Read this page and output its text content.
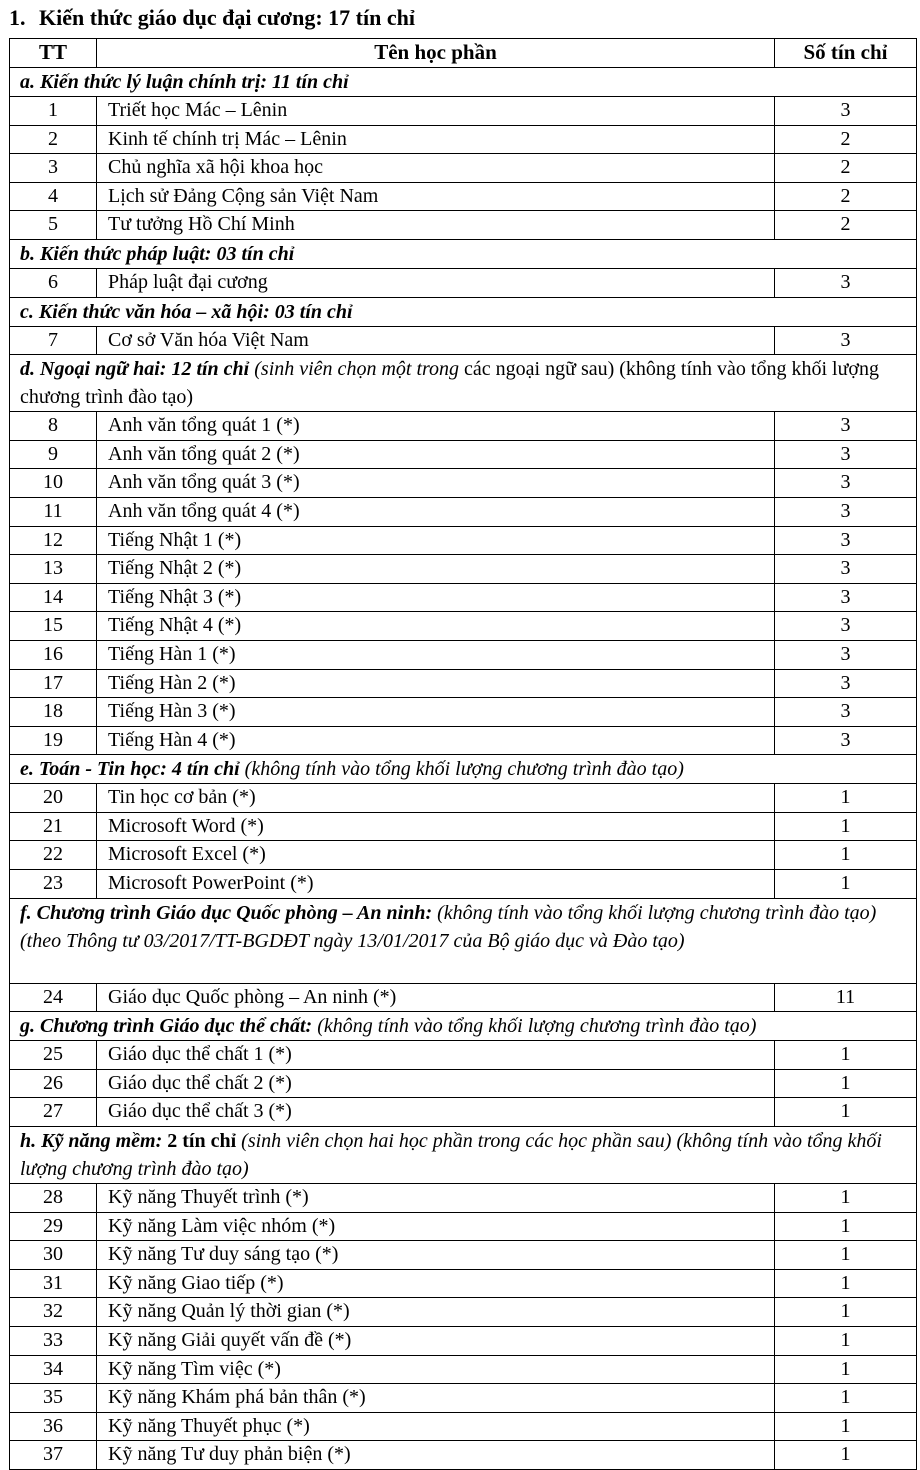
1. Kiến thức giáo dục đại cương: 17 tín chỉ
TT	Tên học phần	Số tín chỉ
a. Kiến thức lý luận chính trị: 11 tín chỉ		
1	Triết học Mác – Lênin	3
2	Kinh tế chính trị Mác – Lênin	2
3	Chủ nghĩa xã hội khoa học	2
4	Lịch sử Đảng Cộng sản Việt Nam	2
5	Tư tưởng Hồ Chí Minh	2
b. Kiến thức pháp luật: 03 tín chỉ		
6	Pháp luật đại cương	3
c. Kiến thức văn hóa – xã hội: 03 tín chỉ		
7	Cơ sở Văn hóa Việt Nam	3
d. Ngoại ngữ hai: 12 tín chỉ (sinh viên chọn một trong các ngoại ngữ sau) (không tính vào tổng khối lượng chương trình đào tạo)		
8	Anh văn tổng quát 1 (*)	3
9	Anh văn tổng quát 2 (*)	3
10	Anh văn tổng quát 3 (*)	3
11	Anh văn tổng quát 4 (*)	3
12	Tiếng Nhật 1 (*)	3
13	Tiếng Nhật 2 (*)	3
14	Tiếng Nhật 3 (*)	3
15	Tiếng Nhật 4 (*)	3
16	Tiếng Hàn 1 (*)	3
17	Tiếng Hàn 2 (*)	3
18	Tiếng Hàn 3 (*)	3
19	Tiếng Hàn 4 (*)	3
e. Toán - Tin học: 4 tín chỉ (không tính vào tổng khối lượng chương trình đào tạo)		
20	Tin học cơ bản (*)	1
21	Microsoft Word (*)	1
22	Microsoft Excel (*)	1
23	Microsoft PowerPoint (*)	1
f. Chương trình Giáo dục Quốc phòng – An ninh: (không tính vào tổng khối lượng chương trình đào tạo) (theo Thông tư 03/2017/TT-BGDĐT ngày 13/01/2017 của Bộ giáo dục và Đào tạo)		
24	Giáo dục Quốc phòng – An ninh (*)	11
g. Chương trình Giáo dục thể chất: (không tính vào tổng khối lượng chương trình đào tạo)		
25	Giáo dục thể chất 1 (*)	1
26	Giáo dục thể chất 2 (*)	1
27	Giáo dục thể chất 3 (*)	1
h. Kỹ năng mềm: 2 tín chỉ (sinh viên chọn hai học phần trong các học phần sau) (không tính vào tổng khối lượng chương trình đào tạo)		
28	Kỹ năng Thuyết trình (*)	1
29	Kỹ năng Làm việc nhóm (*)	1
30	Kỹ năng Tư duy sáng tạo (*)	1
31	Kỹ năng Giao tiếp (*)	1
32	Kỹ năng Quản lý thời gian (*)	1
33	Kỹ năng Giải quyết vấn đề (*)	1
34	Kỹ năng Tìm việc (*)	1
35	Kỹ năng Khám phá bản thân (*)	1
36	Kỹ năng Thuyết phục (*)	1
37	Kỹ năng Tư duy phản biện (*)	1
